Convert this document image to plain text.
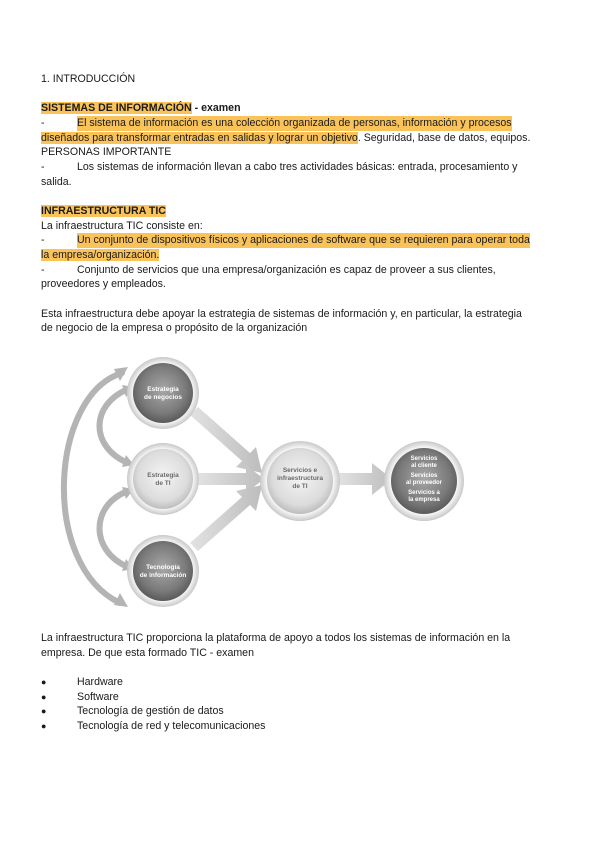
1. INTRODUCCIÓN
SISTEMAS DE INFORMACIÓN - examen
-	El sistema de información es una colección organizada de personas, información y procesos
diseñados para transformar entradas en salidas y lograr un objetivo. Seguridad, base de datos, equipos.
PERSONAS IMPORTANTE
-	Los sistemas de información llevan a cabo tres actividades básicas: entrada, procesamiento y
salida.
INFRAESTRUCTURA TIC
La infraestructura TIC consiste en:
-	Un conjunto de dispositivos físicos y aplicaciones de software que se requieren para operar toda
la empresa/organización.
-	Conjunto de servicios que una empresa/organización es capaz de proveer a sus clientes,
proveedores y empleados.
Esta infraestructura debe apoyar la estrategia de sistemas de información y, en particular, la estrategia
de negocio de la empresa o propósito de la organización
Estrategia
de negocios
Estrategia
de TI
Tecnología
de información
Servicios e
infraestructura
de TI
Servicios
al cliente
Servicios
al proveedor
Servicios a
la empresa
La infraestructura TIC proporciona la plataforma de apoyo a todos los sistemas de información en la
empresa. De que esta formado TIC - examen
●	Hardware
●	Software
●	Tecnología de gestión de datos
●	Tecnología de red y telecomunicaciones
